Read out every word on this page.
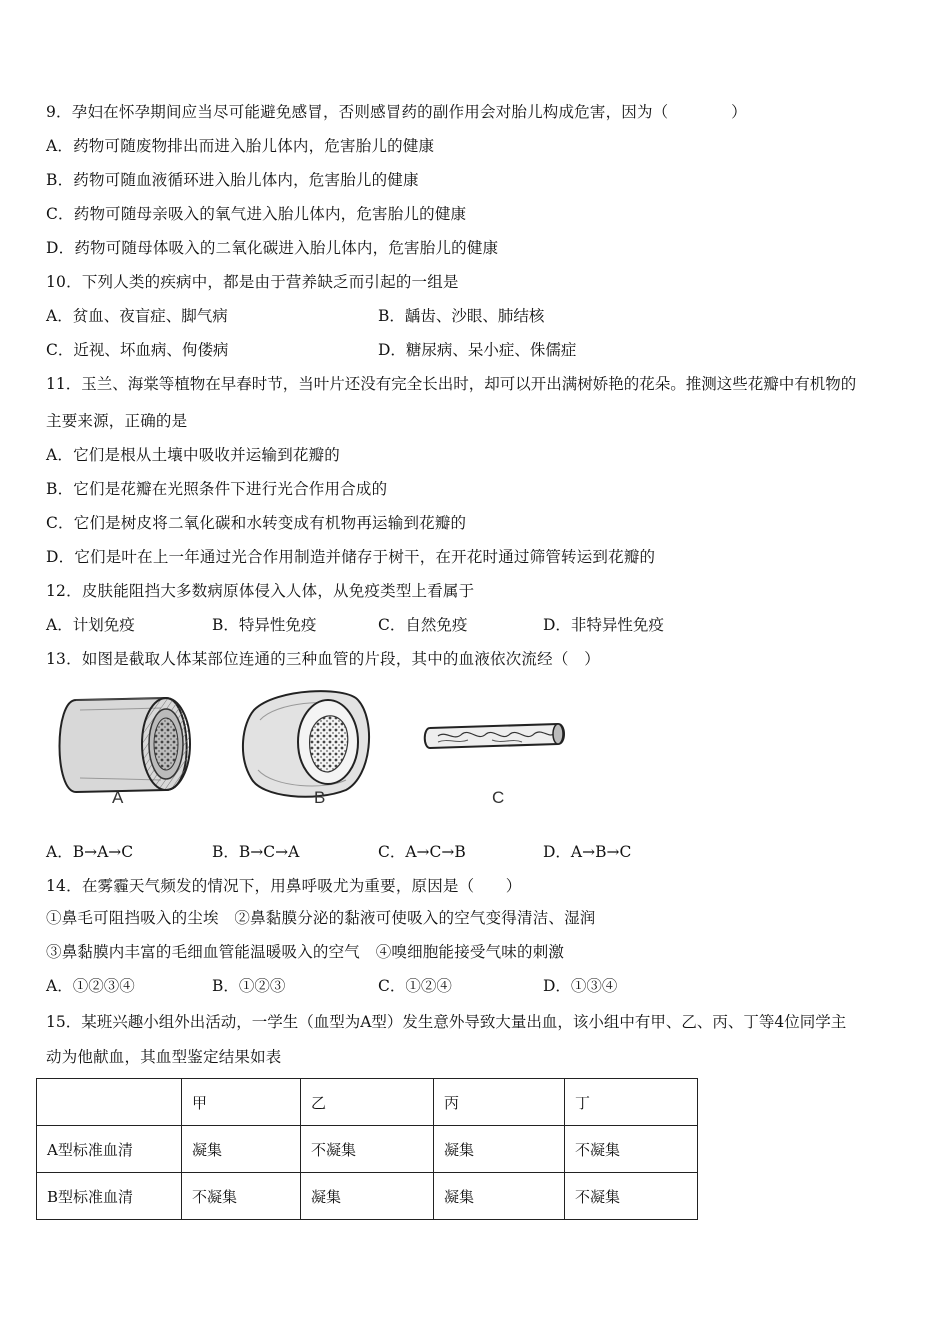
9．孕妇在怀孕期间应当尽可能避免感冒，否则感冒药的副作用会对胎儿构成危害，因为（　　　　）
A．药物可随废物排出而进入胎儿体内，危害胎儿的健康
B．药物可随血液循环进入胎儿体内，危害胎儿的健康
C．药物可随母亲吸入的氧气进入胎儿体内，危害胎儿的健康
D．药物可随母体吸入的二氧化碳进入胎儿体内，危害胎儿的健康
10．下列人类的疾病中，都是由于营养缺乏而引起的一组是
A．贫血、夜盲症、脚气病	B．龋齿、沙眼、肺结核
C．近视、坏血病、佝偻病	D．糖尿病、呆小症、侏儒症
11．玉兰、海棠等植物在早春时节，当叶片还没有完全长出时，却可以开出满树娇艳的花朵。推测这些花瓣中有机物的
主要来源，正确的是
A．它们是根从土壤中吸收并运输到花瓣的
B．它们是花瓣在光照条件下进行光合作用合成的
C．它们是树皮将二氧化碳和水转变成有机物再运输到花瓣的
D．它们是叶在上一年通过光合作用制造并储存于树干，在开花时通过筛管转运到花瓣的
12．皮肤能阻挡大多数病原体侵入人体，从免疫类型上看属于
A．计划免疫	B．特异性免疫	C．自然免疫	D．非特异性免疫
13．如图是截取人体某部位连通的三种血管的片段，其中的血液依次流经（　）
A	B	C
A．B→A→C	B．B→C→A	C．A→C→B	D．A→B→C
14．在雾霾天气频发的情况下，用鼻呼吸尤为重要，原因是（　　）
①鼻毛可阻挡吸入的尘埃　②鼻黏膜分泌的黏液可使吸入的空气变得清洁、湿润
③鼻黏膜内丰富的毛细血管能温暖吸入的空气　④嗅细胞能接受气味的刺激
A．①②③④	B．①②③	C．①②④	D．①③④
15．某班兴趣小组外出活动，一学生（血型为A型）发生意外导致大量出血，该小组中有甲、乙、丙、丁等4位同学主
动为他献血，其血型鉴定结果如表
	甲	乙	丙	丁
A型标准血清	凝集	不凝集	凝集	不凝集
B型标准血清	不凝集	凝集	凝集	不凝集
